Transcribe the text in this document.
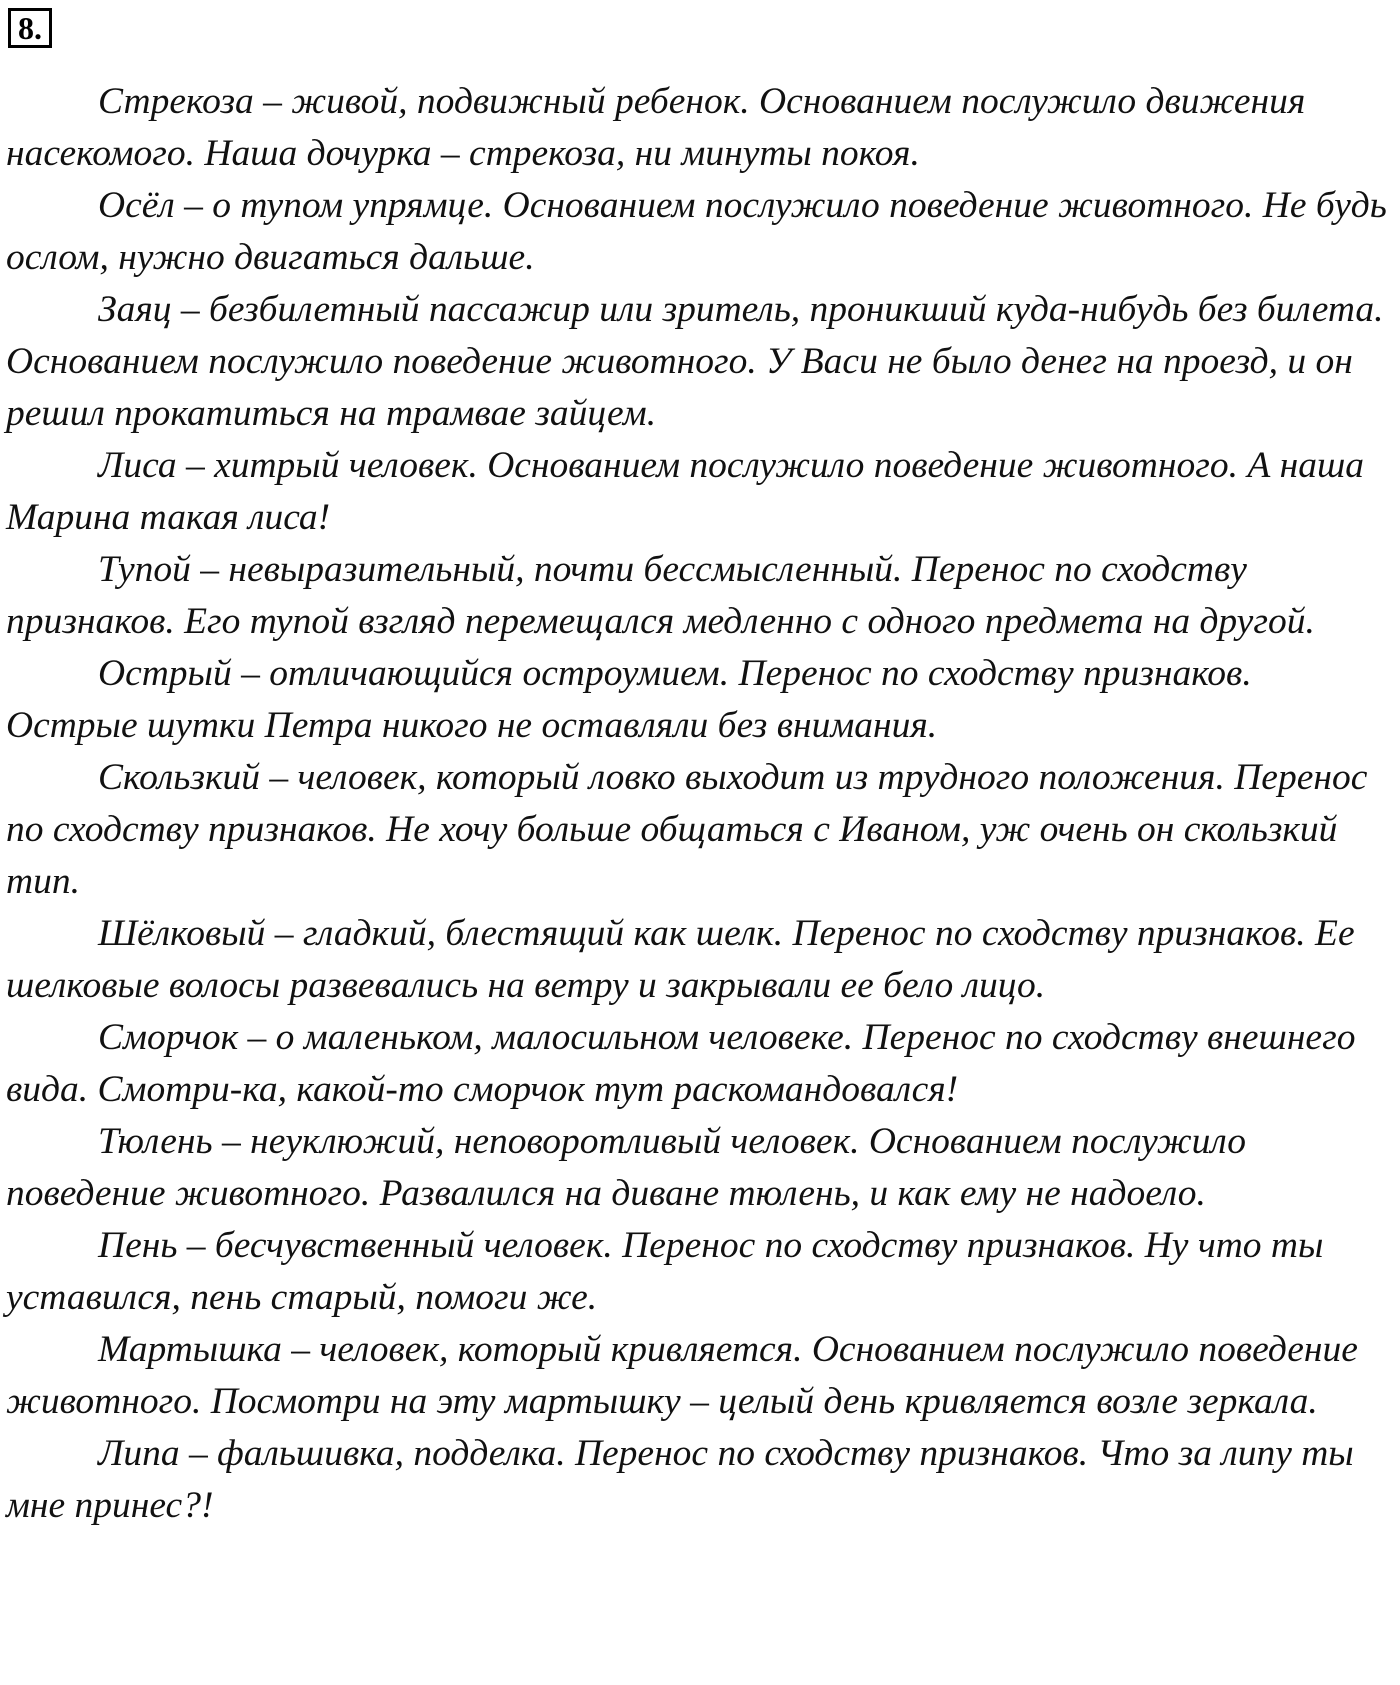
8.

Стрекоза – живой, подвижный ребенок. Основанием послужило движения насекомого. Наша дочурка – стрекоза, ни минуты покоя.

Осёл – о тупом упрямце. Основанием послужило поведение животного. Не будь ослом, нужно двигаться дальше.

Заяц – безбилетный пассажир или зритель, проникший куда-нибудь без билета. Основанием послужило поведение животного. У Васи не было денег на проезд, и он решил прокатиться на трамвае зайцем.

Лиса – хитрый человек. Основанием послужило поведение животного. А наша Марина такая лиса!

Тупой – невыразительный, почти бессмысленный. Перенос по сходству признаков. Его тупой взгляд перемещался медленно с одного предмета на другой.

Острый – отличающийся остроумием. Перенос по сходству признаков. Острые шутки Петра никого не оставляли без внимания.

Скользкий – человек, который ловко выходит из трудного положения. Перенос по сходству признаков. Не хочу больше общаться с Иваном, уж очень он скользкий тип.

Шёлковый – гладкий, блестящий как шелк. Перенос по сходству признаков. Ее шелковые волосы развевались на ветру и закрывали ее бело лицо.

Сморчок – о маленьком, малосильном человеке. Перенос по сходству внешнего вида. Смотри-ка, какой-то сморчок тут раскомандовался!

Тюлень – неуклюжий, неповоротливый человек. Основанием послужило поведение животного. Развалился на диване тюлень, и как ему не надоело.

Пень – бесчувственный человек. Перенос по сходству признаков. Ну что ты уставился, пень старый, помоги же.

Мартышка – человек, который кривляется. Основанием послужило поведение животного. Посмотри на эту мартышку – целый день кривляется возле зеркала.

Липа – фальшивка, подделка. Перенос по сходству признаков. Что за липу ты мне принес?!
